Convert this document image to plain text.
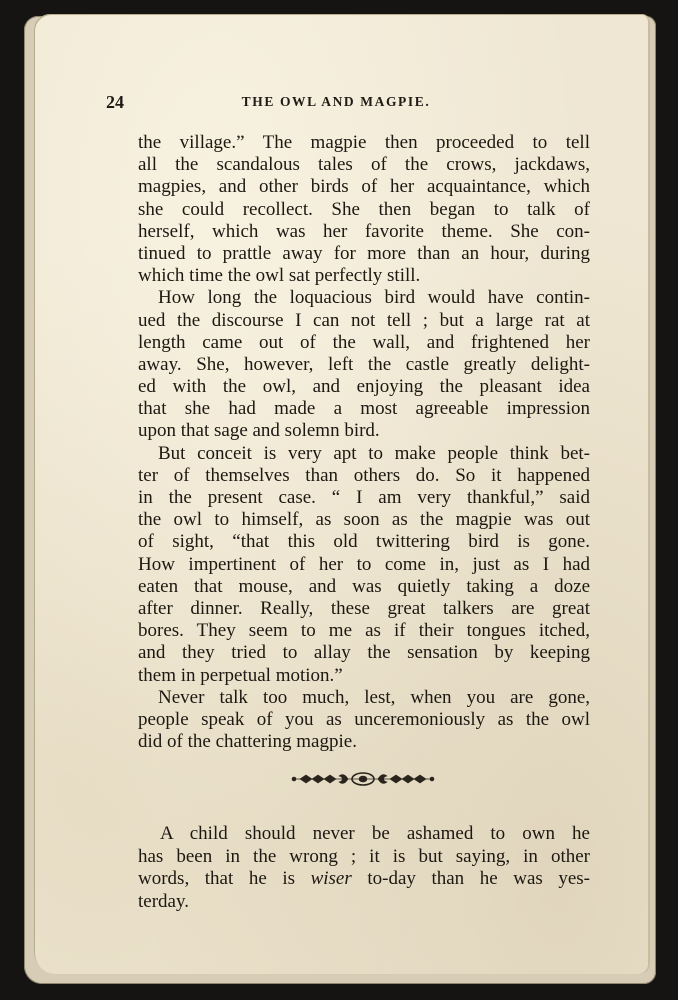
24	THE OWL AND MAGPIE.
the village.” The magpie then proceeded to tell
all the scandalous tales of the crows, jackdaws,
magpies, and other birds of her acquaintance, which
she could recollect. She then began to talk of
herself, which was her favorite theme. She con-
tinued to prattle away for more than an hour, during
which time the owl sat perfectly still.
How long the loquacious bird would have contin-
ued the discourse I can not tell ; but a large rat at
length came out of the wall, and frightened her
away. She, however, left the castle greatly delight-
ed with the owl, and enjoying the pleasant idea
that she had made a most agreeable impression
upon that sage and solemn bird.
But conceit is very apt to make people think bet-
ter of themselves than others do. So it happened
in the present case. “ I am very thankful,” said
the owl to himself, as soon as the magpie was out
of sight, “that this old twittering bird is gone.
How impertinent of her to come in, just as I had
eaten that mouse, and was quietly taking a doze
after dinner. Really, these great talkers are great
bores. They seem to me as if their tongues itched,
and they tried to allay the sensation by keeping
them in perpetual motion.”
Never talk too much, lest, when you are gone,
people speak of you as unceremoniously as the owl
did of the chattering magpie.
A child should never be ashamed to own he
has been in the wrong ; it is but saying, in other
words, that he is wiser to-day than he was yes-
terday.
